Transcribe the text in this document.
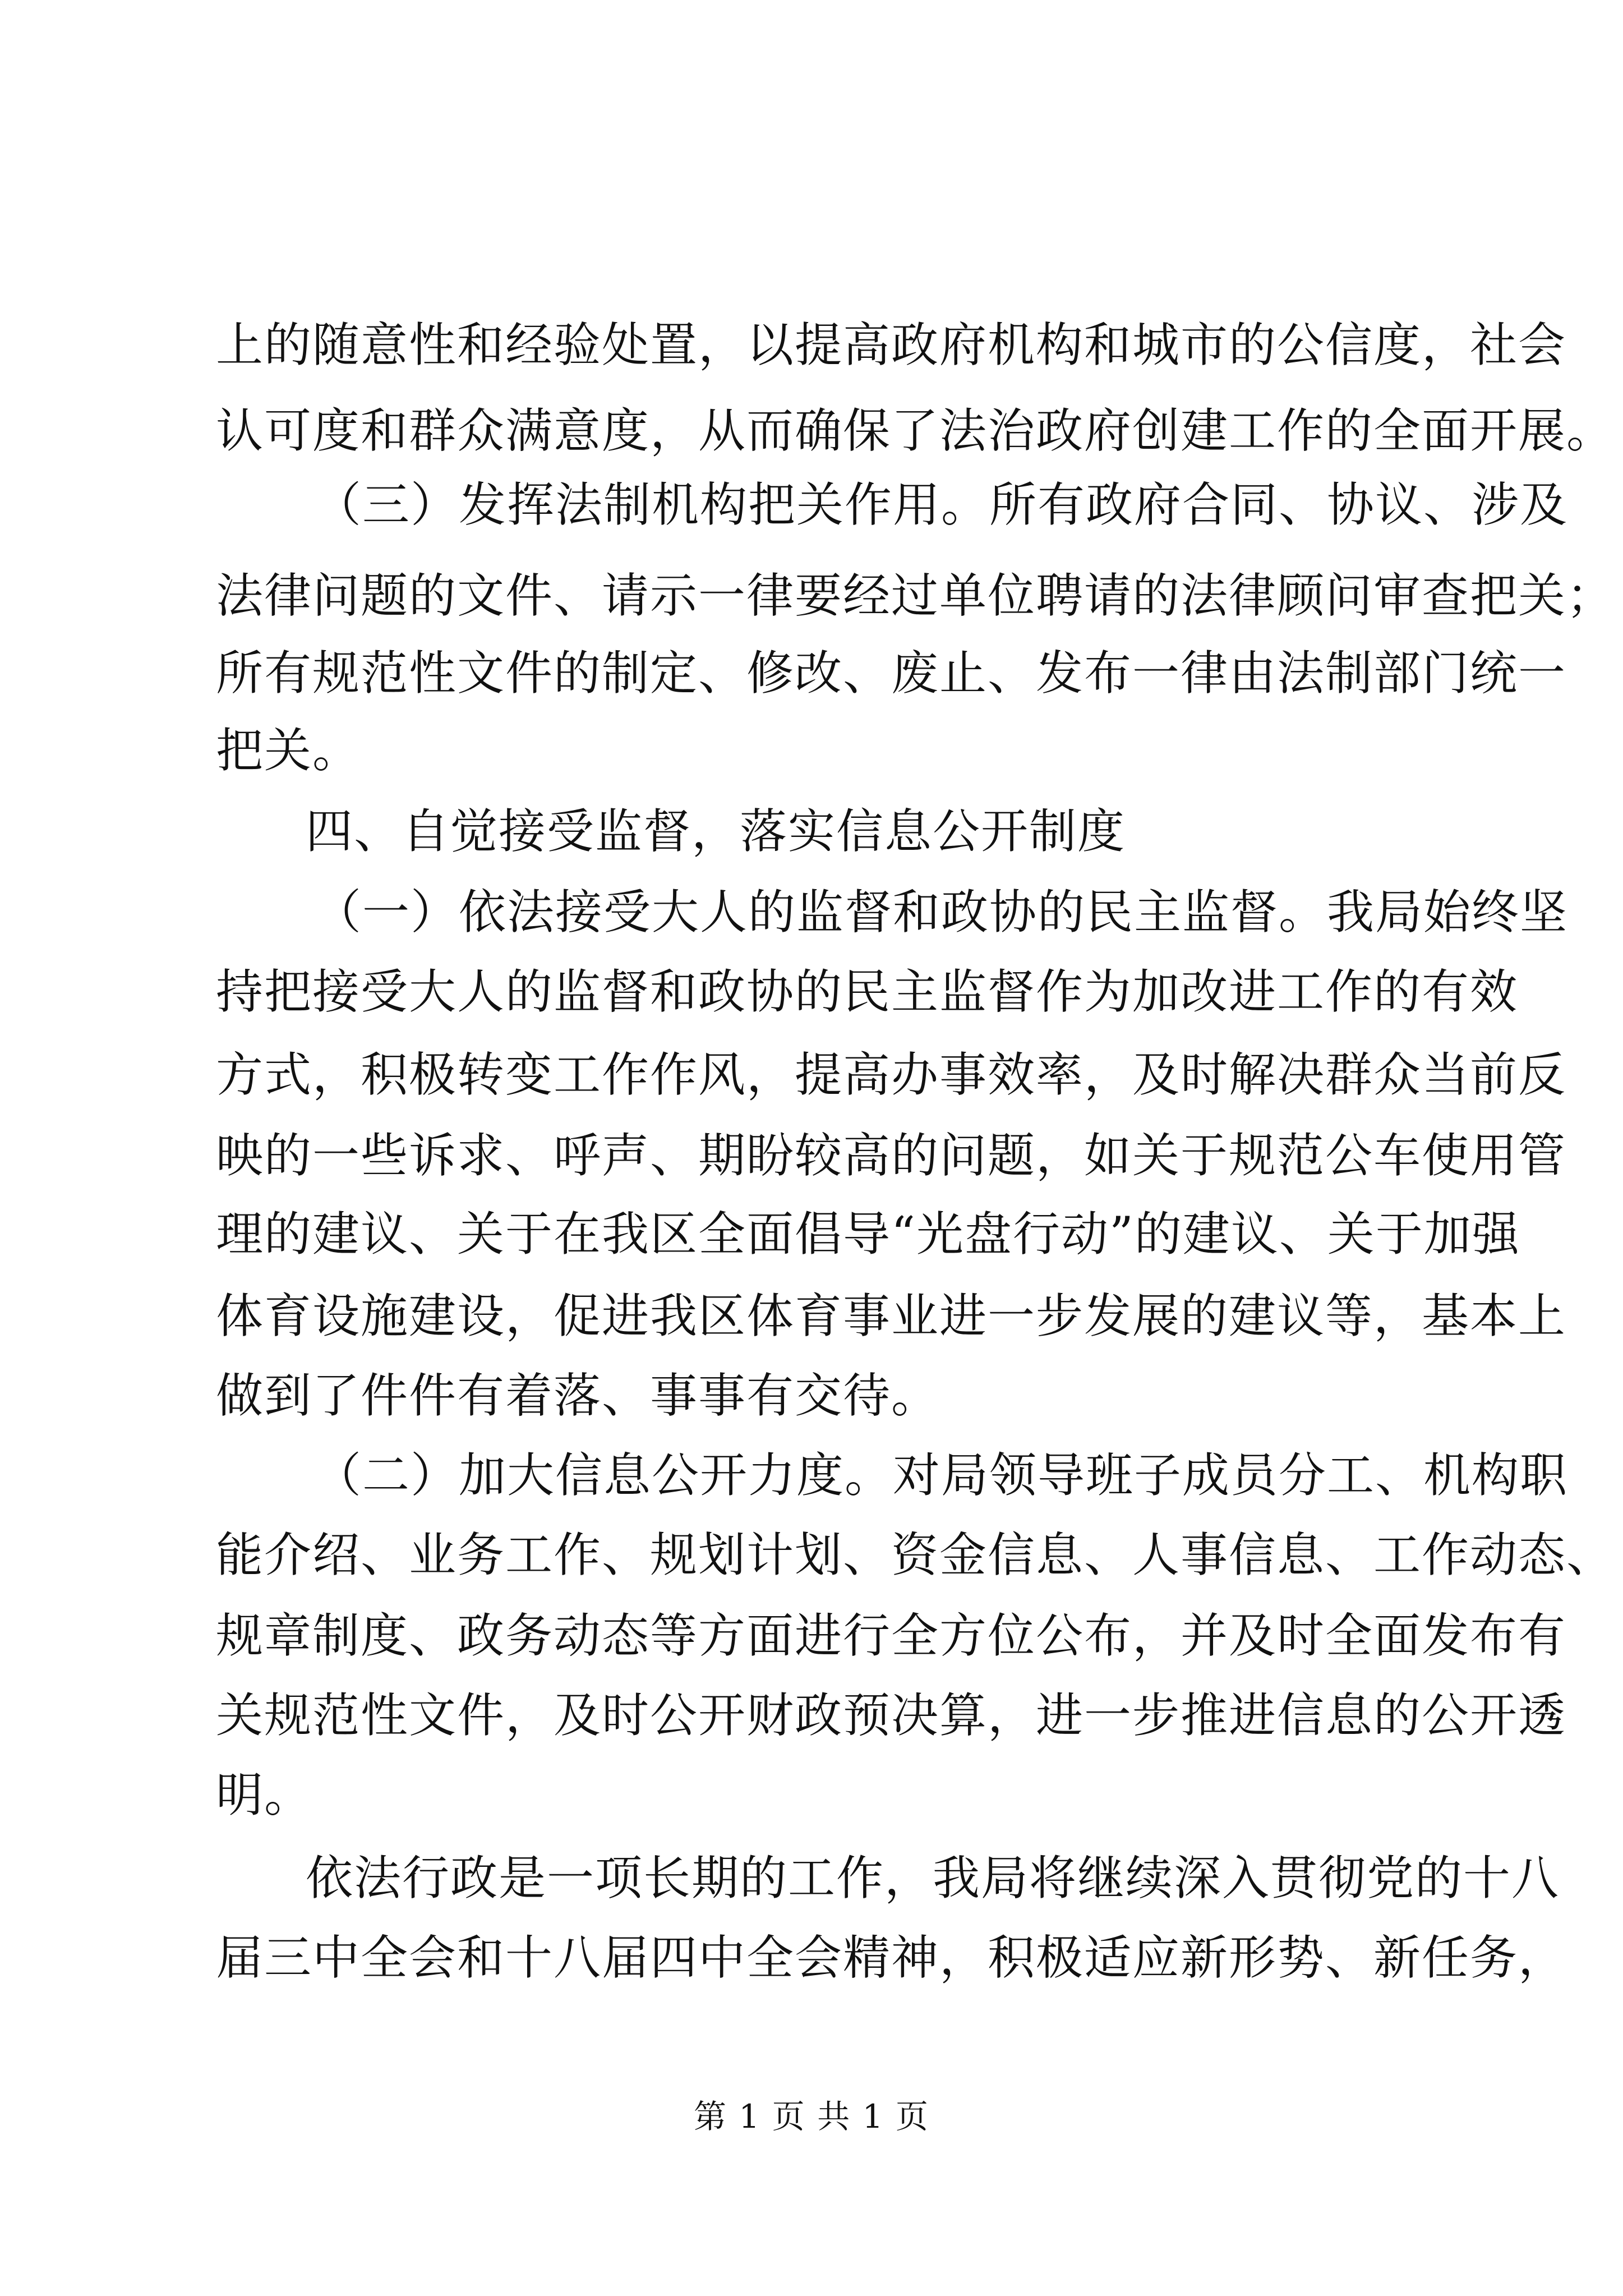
上的随意性和经验处置，以提高政府机构和城市的公信度，社会
认可度和群众满意度，从而确保了法治政府创建工作的全面开展。
（三）发挥法制机构把关作用。所有政府合同、协议、涉及
法律问题的文件、请示一律要经过单位聘请的法律顾问审查把关；
所有规范性文件的制定、修改、废止、发布一律由法制部门统一
把关。
四、自觉接受监督，落实信息公开制度
（一）依法接受大人的监督和政协的民主监督。我局始终坚
持把接受大人的监督和政协的民主监督作为加改进工作的有效
方式，积极转变工作作风，提高办事效率，及时解决群众当前反
映的一些诉求、呼声、期盼较高的问题，如关于规范公车使用管
理的建议、关于在我区全面倡导“光盘行动”的建议、关于加强
体育设施建设，促进我区体育事业进一步发展的建议等，基本上
做到了件件有着落、事事有交待。
（二）加大信息公开力度。对局领导班子成员分工、机构职
能介绍、业务工作、规划计划、资金信息、人事信息、工作动态、
规章制度、政务动态等方面进行全方位公布，并及时全面发布有
关规范性文件，及时公开财政预决算，进一步推进信息的公开透
明。
依法行政是一项长期的工作，我局将继续深入贯彻党的十八
届三中全会和十八届四中全会精神，积极适应新形势、新任务，
第 1 页 共 1 页
